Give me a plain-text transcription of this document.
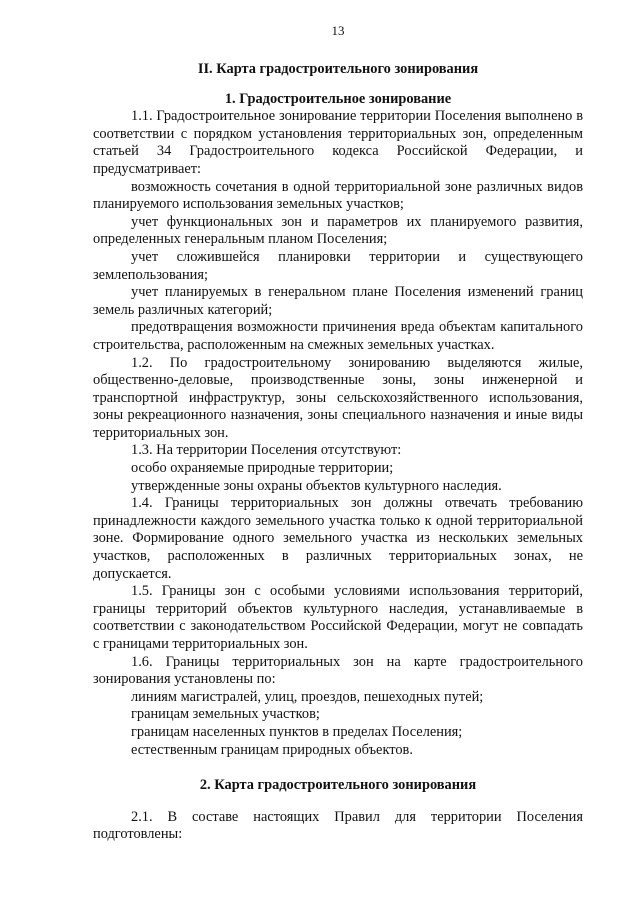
13
II. Карта градостроительного зонирования
1. Градостроительное зонирование

1.1. Градостроительное зонирование территории Поселения выполнено в соответствии с порядком установления территориальных зон, определенным статьей 34 Градостроительного кодекса Российской Федерации, и предусматривает:

возможность сочетания в одной территориальной зоне различных видов планируемого использования земельных участков;

учет функциональных зон и параметров их планируемого развития, определенных генеральным планом Поселения;

учет сложившейся планировки территории и существующего землепользования;

учет планируемых в генеральном плане Поселения изменений границ земель различных категорий;

предотвращения возможности причинения вреда объектам капитального строительства, расположенным на смежных земельных участках.

1.2. По градостроительному зонированию выделяются жилые, общественно-деловые, производственные зоны, зоны инженерной и транспортной инфраструктур, зоны сельскохозяйственного использования, зоны рекреационного назначения, зоны специального назначения и иные виды территориальных зон.

1.3. На территории Поселения отсутствуют:

особо охраняемые природные территории;

утвержденные зоны охраны объектов культурного наследия.

1.4. Границы территориальных зон должны отвечать требованию принадлежности каждого земельного участка только к одной территориальной зоне. Формирование одного земельного участка из нескольких земельных участков, расположенных в различных территориальных зонах, не допускается.

1.5. Границы зон с особыми условиями использования территорий, границы территорий объектов культурного наследия, устанавливаемые в соответствии с законодательством Российской Федерации, могут не совпадать с границами территориальных зон.

1.6. Границы территориальных зон на карте градостроительного зонирования установлены по:

линиям магистралей, улиц, проездов, пешеходных путей;

границам земельных участков;

границам населенных пунктов в пределах Поселения;

естественным границам природных объектов.

2. Карта градостроительного зонирования

2.1. В составе настоящих Правил для территории Поселения подготовлены:
